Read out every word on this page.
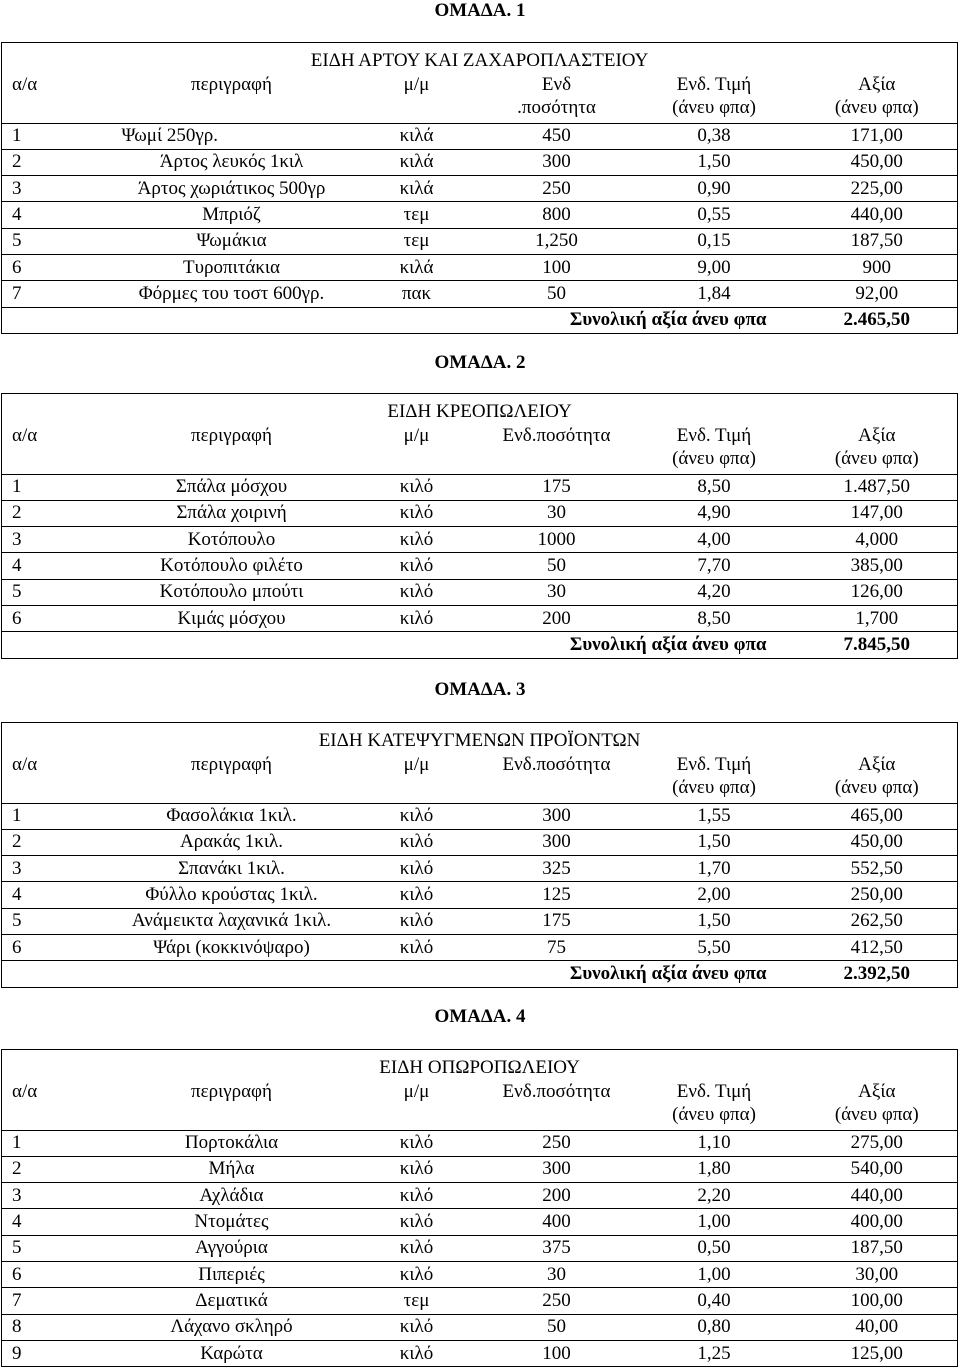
ΟΜΑΔΑ. 1
ΕΙΔΗ ΑΡΤΟΥ ΚΑΙ ΖΑΧΑΡΟΠΛΑΣΤΕΙΟΥ					
α/α	περιγραφή	μ/μ	Ενδ
.ποσότητα	Ενδ. Τιμή
(άνευ φπα)	Αξία
(άνευ φπα)
1	Ψωμί 250γρ.	κιλά	450	0,38	171,00
2	Άρτος λευκός 1κιλ	κιλά	300	1,50	450,00
3	Άρτος χωριάτικος 500γρ	κιλά	250	0,90	225,00
4	Μπριόζ	τεμ	800	0,55	440,00
5	Ψωμάκια	τεμ	1,250	0,15	187,50
6	Τυροπιτάκια	κιλά	100	9,00	900
7	Φόρμες του τοστ 600γρ.	πακ	50	1,84	92,00
		Συνολική αξία άνευ φπα			2.465,50
ΟΜΑΔΑ. 2
ΕΙΔΗ ΚΡΕΟΠΩΛΕΙΟΥ					
α/α	περιγραφή	μ/μ	Ενδ.ποσότητα	Ενδ. Τιμή
(άνευ φπα)	Αξία
(άνευ φπα)
1	Σπάλα μόσχου	κιλό	175	8,50	1.487,50
2	Σπάλα χοιρινή	κιλό	30	4,90	147,00
3	Κοτόπουλο	κιλό	1000	4,00	4,000
4	Κοτόπουλο φιλέτο	κιλό	50	7,70	385,00
5	Κοτόπουλο μπούτι	κιλό	30	4,20	126,00
6	Κιμάς μόσχου	κιλό	200	8,50	1,700
		Συνολική αξία άνευ φπα			7.845,50
ΟΜΑΔΑ. 3
ΕΙΔΗ ΚΑΤΕΨΥΓΜΕΝΩΝ ΠΡΟΪΟΝΤΩΝ					
α/α	περιγραφή	μ/μ	Ενδ.ποσότητα	Ενδ. Τιμή
(άνευ φπα)	Αξία
(άνευ φπα)
1	Φασολάκια 1κιλ.	κιλό	300	1,55	465,00
2	Αρακάς 1κιλ.	κιλό	300	1,50	450,00
3	Σπανάκι 1κιλ.	κιλό	325	1,70	552,50
4	Φύλλο κρούστας 1κιλ.	κιλό	125	2,00	250,00
5	Ανάμεικτα λαχανικά 1κιλ.	κιλό	175	1,50	262,50
6	Ψάρι (κοκκινόψαρο)	κιλό	75	5,50	412,50
		Συνολική αξία άνευ φπα			2.392,50
ΟΜΑΔΑ. 4
ΕΙΔΗ ΟΠΩΡΟΠΩΛΕΙΟΥ					
α/α	περιγραφή	μ/μ	Ενδ.ποσότητα	Ενδ. Τιμή
(άνευ φπα)	Αξία
(άνευ φπα)
1	Πορτοκάλια	κιλό	250	1,10	275,00
2	Μήλα	κιλό	300	1,80	540,00
3	Αχλάδια	κιλό	200	2,20	440,00
4	Ντομάτες	κιλό	400	1,00	400,00
5	Αγγούρια	κιλό	375	0,50	187,50
6	Πιπεριές	κιλό	30	1,00	30,00
7	Δεματικά	τεμ	250	0,40	100,00
8	Λάχανο σκληρό	κιλό	50	0,80	40,00
9	Καρώτα	κιλό	100	1,25	125,00
